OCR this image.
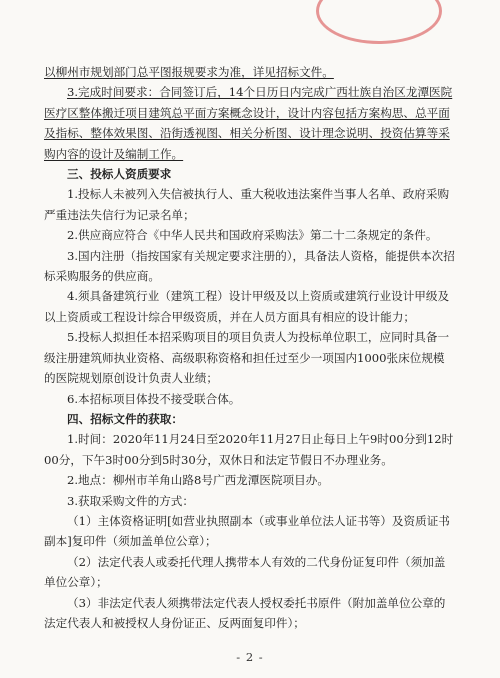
以柳州市规划部门总平图报规要求为准，详见招标文件。

3.完成时间要求：合同签订后，14个日历日内完成广西壮族自治区龙潭医院医疗区整体搬迁项目建筑总平面方案概念设计，设计内容包括方案构思、总平面及指标、整体效果图、沿街透视图、相关分析图、设计理念说明、投资估算等采购内容的设计及编制工作。

三、投标人资质要求

1.投标人未被列入失信被执行人、重大税收违法案件当事人名单、政府采购严重违法失信行为记录名单；

2.供应商应符合《中华人民共和国政府采购法》第二十二条规定的条件。

3.国内注册（指按国家有关规定要求注册的），具备法人资格，能提供本次招标采购服务的供应商。

4.须具备建筑行业（建筑工程）设计甲级及以上资质或建筑行业设计甲级及以上资质或工程设计综合甲级资质，并在人员方面具有相应的设计能力；

5.投标人拟担任本招采购项目的项目负责人为投标单位职工，应同时具备一级注册建筑师执业资格、高级职称资格和担任过至少一项国内1000张床位规模的医院规划原创设计负责人业绩；

6.本招标项目体投不接受联合体。

四、招标文件的获取：

1.时间：2020年11月24日至2020年11月27日止每日上午9时00分到12时00分，下午3时00分到5时30分，双休日和法定节假日不办理业务。

2.地点：柳州市羊角山路8号广西龙潭医院项目办。

3.获取采购文件的方式：

（1）主体资格证明[如营业执照副本（或事业单位法人证书等）及资质证书副本]复印件（须加盖单位公章）；

（2）法定代表人或委托代理人携带本人有效的二代身份证复印件（须加盖单位公章）；

（3）非法定代表人须携带法定代表人授权委托书原件（附加盖单位公章的法定代表人和被授权人身份证正、反两面复印件）；

- 2 -
